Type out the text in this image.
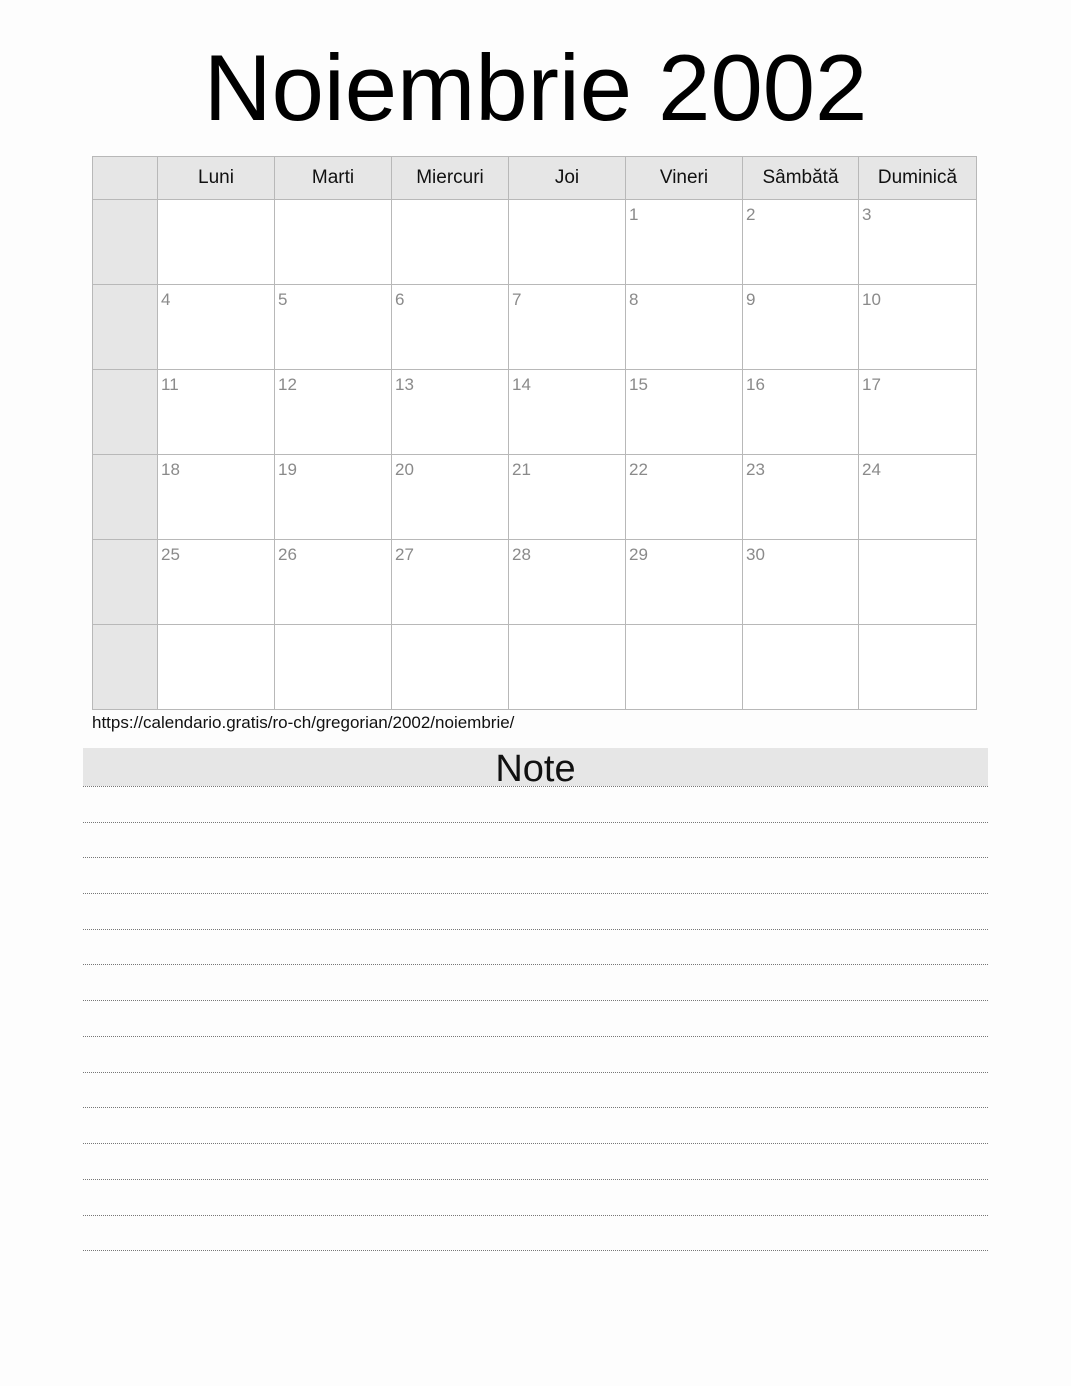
Noiembrie 2002
	Luni	Marti	Miercuri	Joi	Vineri	Sâmbătă	Duminică

					1	2	3

	4	5	6	7	8	9	10

	11	12	13	14	15	16	17

	18	19	20	21	22	23	24

	25	26	27	28	29	30	

https://calendario.gratis/ro-ch/gregorian/2002/noiembrie/
Note
